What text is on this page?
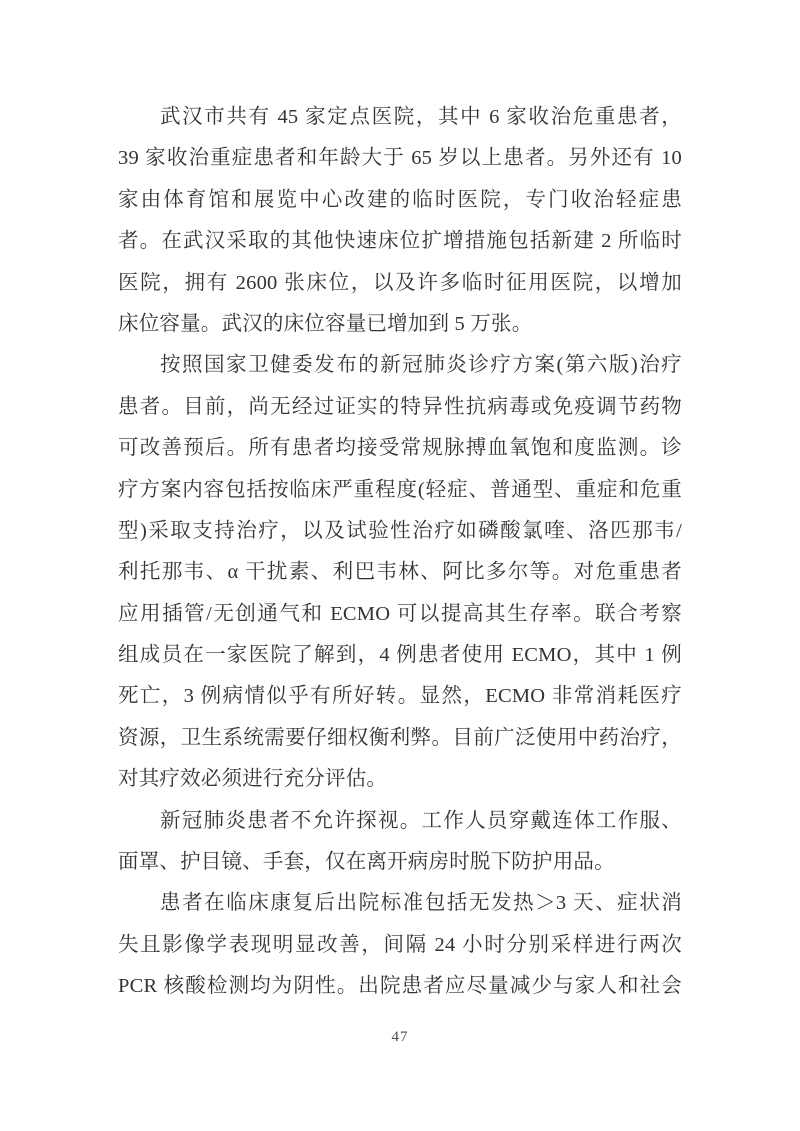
武汉市共有 45 家定点医院，其中 6 家收治危重患者，
39 家收治重症患者和年龄大于 65 岁以上患者。另外还有 10
家由体育馆和展览中心改建的临时医院，专门收治轻症患
者。在武汉采取的其他快速床位扩增措施包括新建 2 所临时
医院，拥有 2600 张床位，以及许多临时征用医院，以增加
床位容量。武汉的床位容量已增加到 5 万张。
按照国家卫健委发布的新冠肺炎诊疗方案(第六版)治疗
患者。目前，尚无经过证实的特异性抗病毒或免疫调节药物
可改善预后。所有患者均接受常规脉搏血氧饱和度监测。诊
疗方案内容包括按临床严重程度(轻症、普通型、重症和危重
型)采取支持治疗，以及试验性治疗如磷酸氯喹、洛匹那韦/
利托那韦、α 干扰素、利巴韦林、阿比多尔等。对危重患者
应用插管/无创通气和 ECMO 可以提高其生存率。联合考察
组成员在一家医院了解到，4 例患者使用 ECMO，其中 1 例
死亡，3 例病情似乎有所好转。显然，ECMO 非常消耗医疗
资源，卫生系统需要仔细权衡利弊。目前广泛使用中药治疗，
对其疗效必须进行充分评估。
新冠肺炎患者不允许探视。工作人员穿戴连体工作服、
面罩、护目镜、手套，仅在离开病房时脱下防护用品。
患者在临床康复后出院标准包括无发热＞3 天、症状消
失且影像学表现明显改善，间隔 24 小时分别采样进行两次
PCR 核酸检测均为阴性。出院患者应尽量减少与家人和社会
47
